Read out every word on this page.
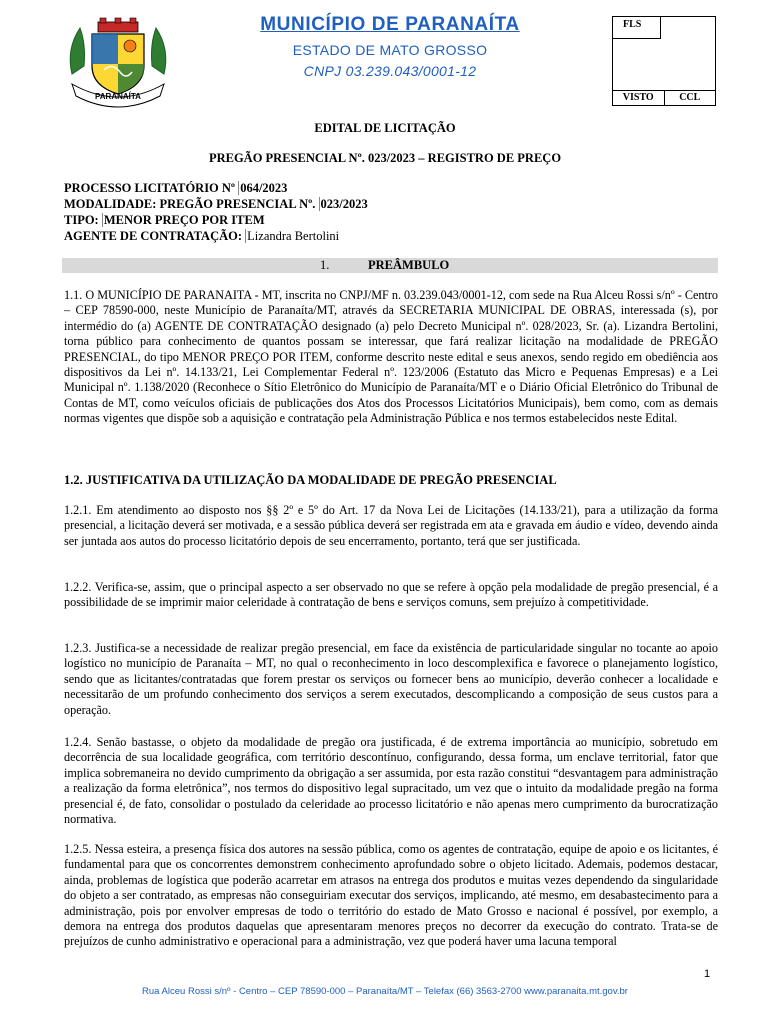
PARANAÍTA
MUNICÍPIO DE PARANAÍTA
ESTADO DE MATO GROSSO
CNPJ 03.239.043/0001-12
FLS
VISTO	CCL
EDITAL DE LICITAÇÃO
PREGÃO PRESENCIAL Nº. 023/2023 – REGISTRO DE PREÇO
PROCESSO LICITATÓRIO Nº 064/2023
MODALIDADE: PREGÃO PRESENCIAL Nº. 023/2023
TIPO: MENOR PREÇO POR ITEM
AGENTE DE CONTRATAÇÃO: Lizandra Bertolini
1.	PREÂMBULO

1.1. O MUNICÍPIO DE PARANAITA - MT, inscrita no CNPJ/MF n. 03.239.043/0001-12, com sede na Rua Alceu Rossi s/nº - Centro – CEP 78590-000, neste Município de Paranaíta/MT, através da SECRETARIA MUNICIPAL DE OBRAS, interessada (s), por intermédio do (a) AGENTE DE CONTRATAÇÃO designado (a) pelo Decreto Municipal nº. 028/2023, Sr. (a). Lizandra Bertolini, torna público para conhecimento de quantos possam se interessar, que fará realizar licitação na modalidade de PREGÃO PRESENCIAL, do tipo MENOR PREÇO POR ITEM, conforme descrito neste edital e seus anexos, sendo regido em obediência aos dispositivos da Lei nº. 14.133/21, Lei Complementar Federal nº. 123/2006 (Estatuto das Micro e Pequenas Empresas) e a Lei Municipal nº. 1.138/2020 (Reconhece o Sítio Eletrônico do Município de Paranaíta/MT e o Diário Oficial Eletrônico do Tribunal de Contas de MT, como veículos oficiais de publicações dos Atos dos Processos Licitatórios Municipais), bem como, com as demais normas vigentes que dispõe sob a aquisição e contratação pela Administração Pública e nos termos estabelecidos neste Edital.

1.2. JUSTIFICATIVA DA UTILIZAÇÃO DA MODALIDADE DE PREGÃO PRESENCIAL

1.2.1. Em atendimento ao disposto nos §§ 2º e 5º do Art. 17 da Nova Lei de Licitações (14.133/21), para a utilização da forma presencial, a licitação deverá ser motivada, e a sessão pública deverá ser registrada em ata e gravada em áudio e vídeo, devendo ainda ser juntada aos autos do processo licitatório depois de seu encerramento, portanto, terá que ser justificada.

1.2.2. Verifica-se, assim, que o principal aspecto a ser observado no que se refere à opção pela modalidade de pregão presencial, é a possibilidade de se imprimir maior celeridade à contratação de bens e serviços comuns, sem prejuízo à competitividade.

1.2.3. Justifica-se a necessidade de realizar pregão presencial, em face da existência de particularidade singular no tocante ao apoio logístico no município de Paranaíta – MT, no qual o reconhecimento in loco descomplexifica e favorece o planejamento logístico, sendo que as licitantes/contratadas que forem prestar os serviços ou fornecer bens ao município, deverão conhecer a localidade e necessitarão de um profundo conhecimento dos serviços a serem executados, descomplicando a composição de seus custos para a operação.

1.2.4. Senão bastasse, o objeto da modalidade de pregão ora justificada, é de extrema importância ao município, sobretudo em decorrência de sua localidade geográfica, com território descontínuo, configurando, dessa forma, um enclave territorial, fator que implica sobremaneira no devido cumprimento da obrigação a ser assumida, por esta razão constitui “desvantagem para administração a realização da forma eletrônica”, nos termos do dispositivo legal supracitado, um vez que o intuito da modalidade pregão na forma presencial é, de fato, consolidar o postulado da celeridade ao processo licitatório e não apenas mero cumprimento da burocratização normativa.

1.2.5. Nessa esteira, a presença física dos autores na sessão pública, como os agentes de contratação, equipe de apoio e os licitantes, é fundamental para que os concorrentes demonstrem conhecimento aprofundado sobre o objeto licitado. Ademais, podemos destacar, ainda, problemas de logística que poderão acarretar em atrasos na entrega dos produtos e muitas vezes dependendo da singularidade do objeto a ser contratado, as empresas não conseguiriam executar dos serviços, implicando, até mesmo, em desabastecimento para a administração, pois por envolver empresas de todo o território do estado de Mato Grosso e nacional é possível, por exemplo, a demora na entrega dos produtos daquelas que apresentaram menores preços no decorrer da execução do contrato. Trata-se de prejuízos de cunho administrativo e operacional para a administração, vez que poderá haver uma lacuna temporal

1
Rua Alceu Rossi s/nº - Centro – CEP 78590-000 – Paranaíta/MT – Telefax (66) 3563-2700 www.paranaita.mt.gov.br
